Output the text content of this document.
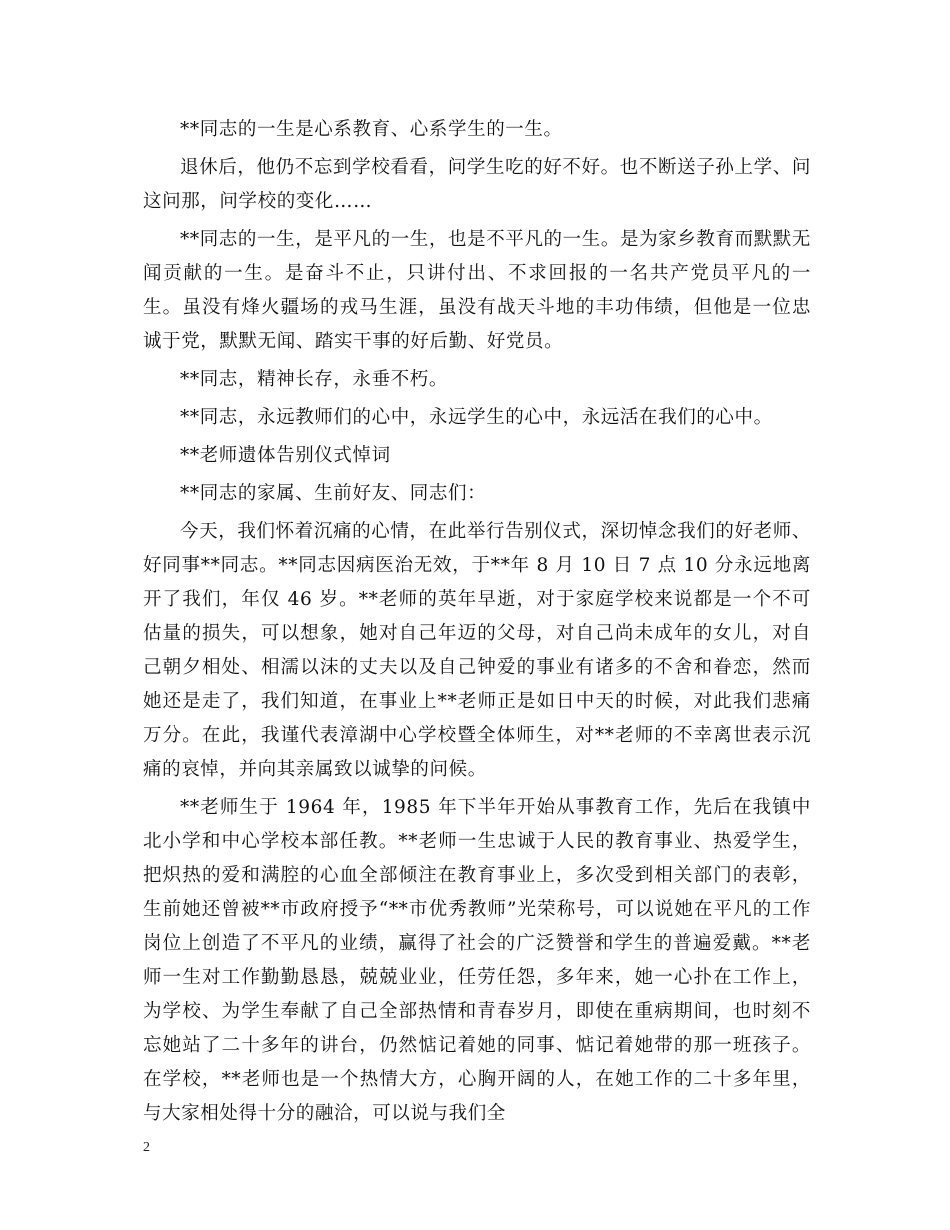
**同志的一生是心系教育、心系学生的一生。

退休后，他仍不忘到学校看看，问学生吃的好不好。也不断送子孙上学、问这问那，问学校的变化……

**同志的一生，是平凡的一生，也是不平凡的一生。是为家乡教育而默默无闻贡献的一生。是奋斗不止，只讲付出、不求回报的一名共产党员平凡的一生。虽没有烽火疆场的戎马生涯，虽没有战天斗地的丰功伟绩，但他是一位忠诚于党，默默无闻、踏实干事的好后勤、好党员。

**同志，精神长存，永垂不朽。

**同志，永远教师们的心中，永远学生的心中，永远活在我们的心中。

**老师遗体告别仪式悼词

**同志的家属、生前好友、同志们：

今天，我们怀着沉痛的心情，在此举行告别仪式，深切悼念我们的好老师、好同事**同志。**同志因病医治无效，于**年 8 月 10 日 7 点 10 分永远地离开了我们，年仅 46 岁。**老师的英年早逝，对于家庭学校来说都是一个不可估量的损失，可以想象，她对自己年迈的父母，对自己尚未成年的女儿，对自己朝夕相处、相濡以沫的丈夫以及自己钟爱的事业有诸多的不舍和眷恋，然而她还是走了，我们知道，在事业上**老师正是如日中天的时候，对此我们悲痛万分。在此，我谨代表漳湖中心学校暨全体师生，对**老师的不幸离世表示沉痛的哀悼，并向其亲属致以诚挚的问候。

**老师生于 1964 年，1985 年下半年开始从事教育工作，先后在我镇中北小学和中心学校本部任教。**老师一生忠诚于人民的教育事业、热爱学生，把炽热的爱和满腔的心血全部倾注在教育事业上，多次受到相关部门的表彰，生前她还曾被**市政府授予“**市优秀教师”光荣称号，可以说她在平凡的工作岗位上创造了不平凡的业绩，赢得了社会的广泛赞誉和学生的普遍爱戴。**老师一生对工作勤勤恳恳，兢兢业业，任劳任怨，多年来，她一心扑在工作上，为学校、为学生奉献了自己全部热情和青春岁月，即使在重病期间，也时刻不忘她站了二十多年的讲台，仍然惦记着她的同事、惦记着她带的那一班孩子。在学校，**老师也是一个热情大方，心胸开阔的人，在她工作的二十多年里，与大家相处得十分的融洽，可以说与我们全

2
